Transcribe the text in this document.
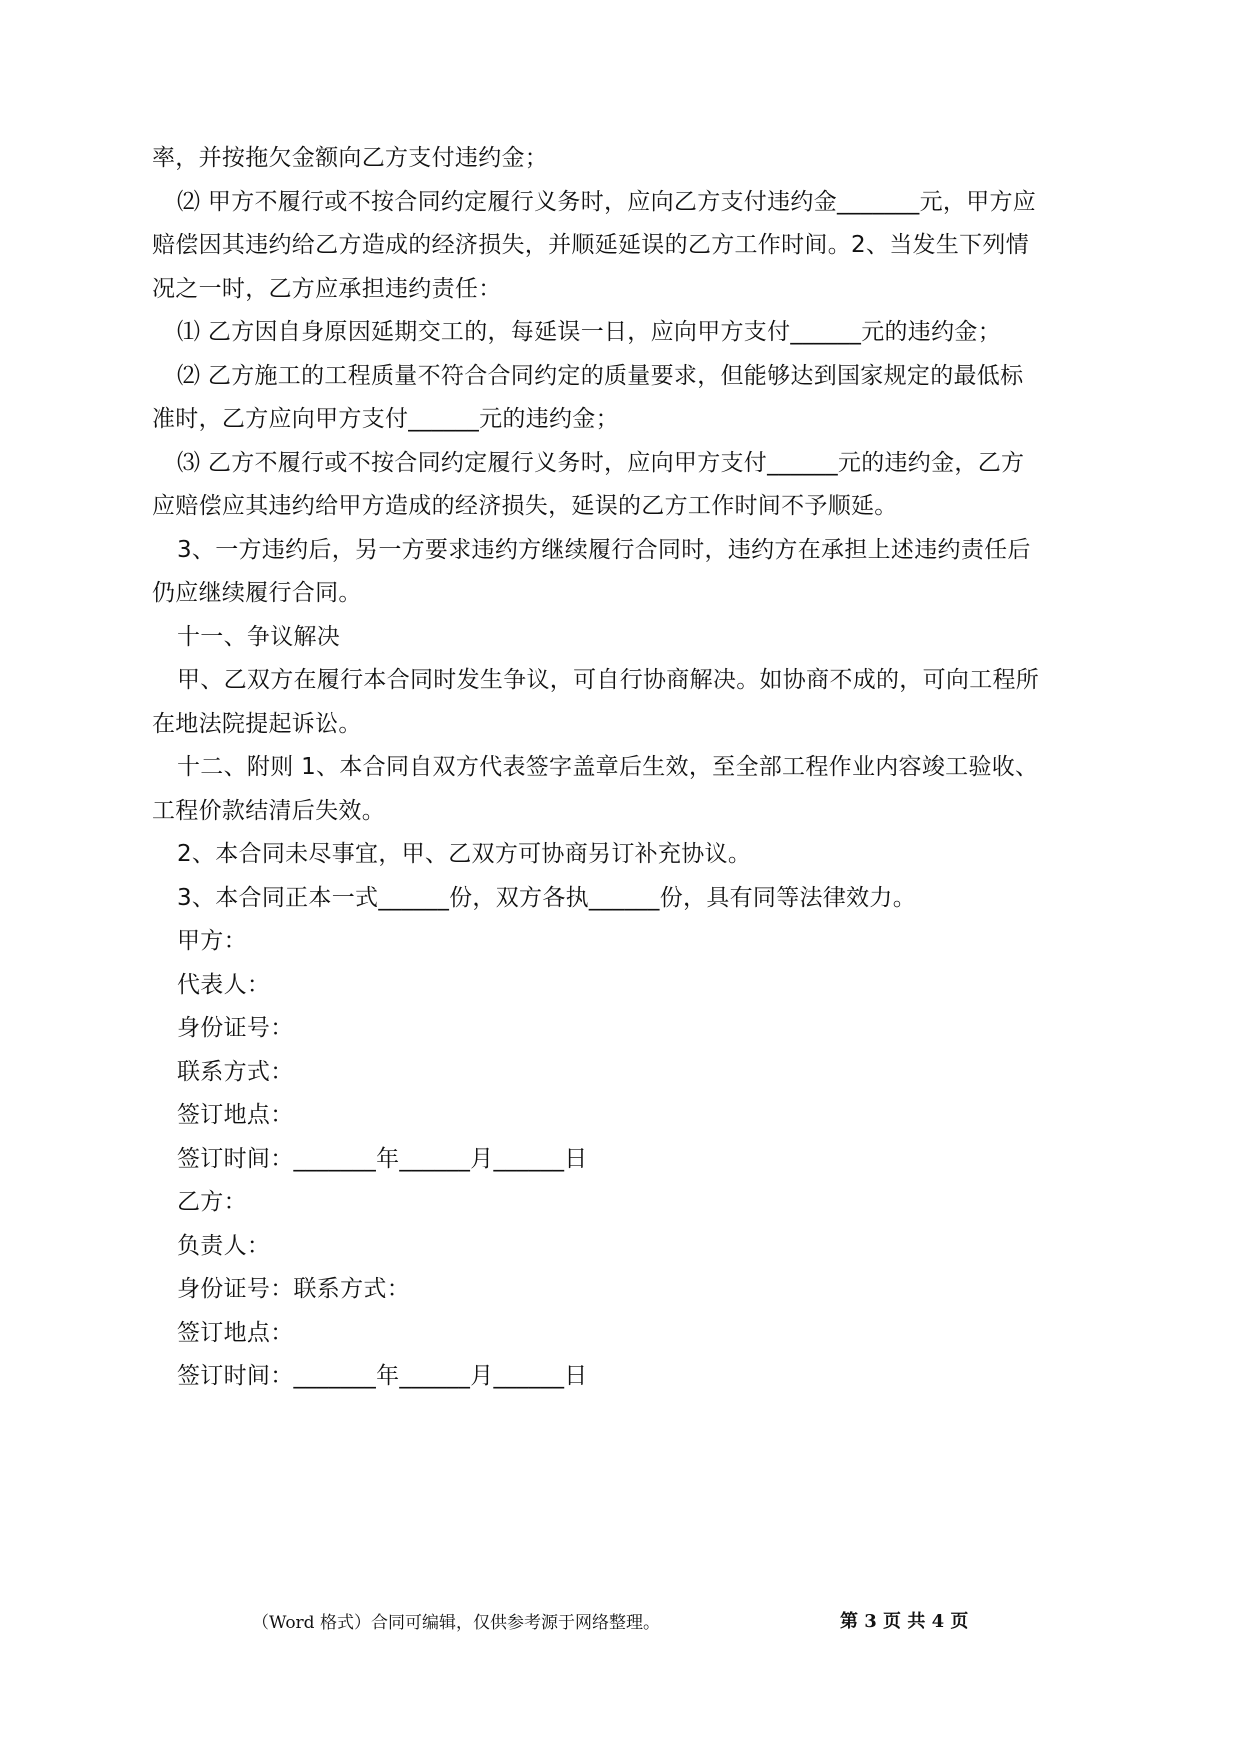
率，并按拖欠金额向乙方支付违约金；
⑵ 甲方不履行或不按合同约定履行义务时，应向乙方支付违约金_______元，甲方应
赔偿因其违约给乙方造成的经济损失，并顺延延误的乙方工作时间。2、当发生下列情
况之一时，乙方应承担违约责任：
⑴ 乙方因自身原因延期交工的，每延误一日，应向甲方支付______元的违约金；
⑵ 乙方施工的工程质量不符合合同约定的质量要求，但能够达到国家规定的最低标
准时，乙方应向甲方支付______元的违约金；
⑶ 乙方不履行或不按合同约定履行义务时，应向甲方支付______元的违约金，乙方
应赔偿应其违约给甲方造成的经济损失，延误的乙方工作时间不予顺延。
3、一方违约后，另一方要求违约方继续履行合同时，违约方在承担上述违约责任后
仍应继续履行合同。
十一、争议解决
甲、乙双方在履行本合同时发生争议，可自行协商解决。如协商不成的，可向工程所
在地法院提起诉讼。
十二、附则 1、本合同自双方代表签字盖章后生效，至全部工程作业内容竣工验收、
工程价款结清后失效。
2、本合同未尽事宜，甲、乙双方可协商另订补充协议。
3、本合同正本一式______份，双方各执______份，具有同等法律效力。
甲方：
代表人：
身份证号：
联系方式：
签订地点：
签订时间：_______年______月______日
乙方：
负责人：
身份证号：联系方式：
签订地点：
签订时间：_______年______月______日
（Word 格式）合同可编辑，仅供参考源于网络整理。	第 3 页 共 4 页
